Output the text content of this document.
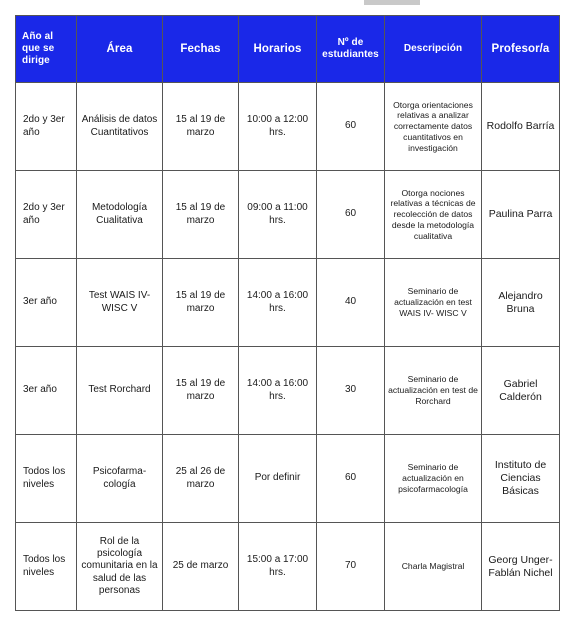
Año al que se dirige	Área	Fechas	Horarios	Nº de estudiantes	Descripción	Profesor/a
2do y 3er año	Análisis de datos Cuantitativos	15 al 19 de marzo	10:00 a 12:00 hrs.	60	Otorga orientaciones relativas a analizar correctamente datos cuantitativos en investigación	Rodolfo Barría
2do y 3er año	Metodología Cualitativa	15 al 19 de marzo	09:00 a 11:00 hrs.	60	Otorga nociones relativas a técnicas de recolección de datos desde la metodología cualitativa	Paulina Parra
3er año	Test WAIS IV- WISC V	15 al 19 de marzo	14:00 a 16:00 hrs.	40	Seminario de actualización en test WAIS IV- WISC V	Alejandro Bruna
3er año	Test Rorchard	15 al 19 de marzo	14:00 a 16:00 hrs.	30	Seminario de actualización en test de Rorchard	Gabriel Calderón
Todos los niveles	Psicofarma- cología	25 al 26 de marzo	Por definir	60	Seminario de actualización en psicofarmacología	Instituto de Ciencias Básicas
Todos los niveles	Rol de la psicología comunitaria en la salud de las personas	25 de marzo	15:00 a 17:00 hrs.	70	Charla Magistral	Georg Unger- Fablán Nichel
